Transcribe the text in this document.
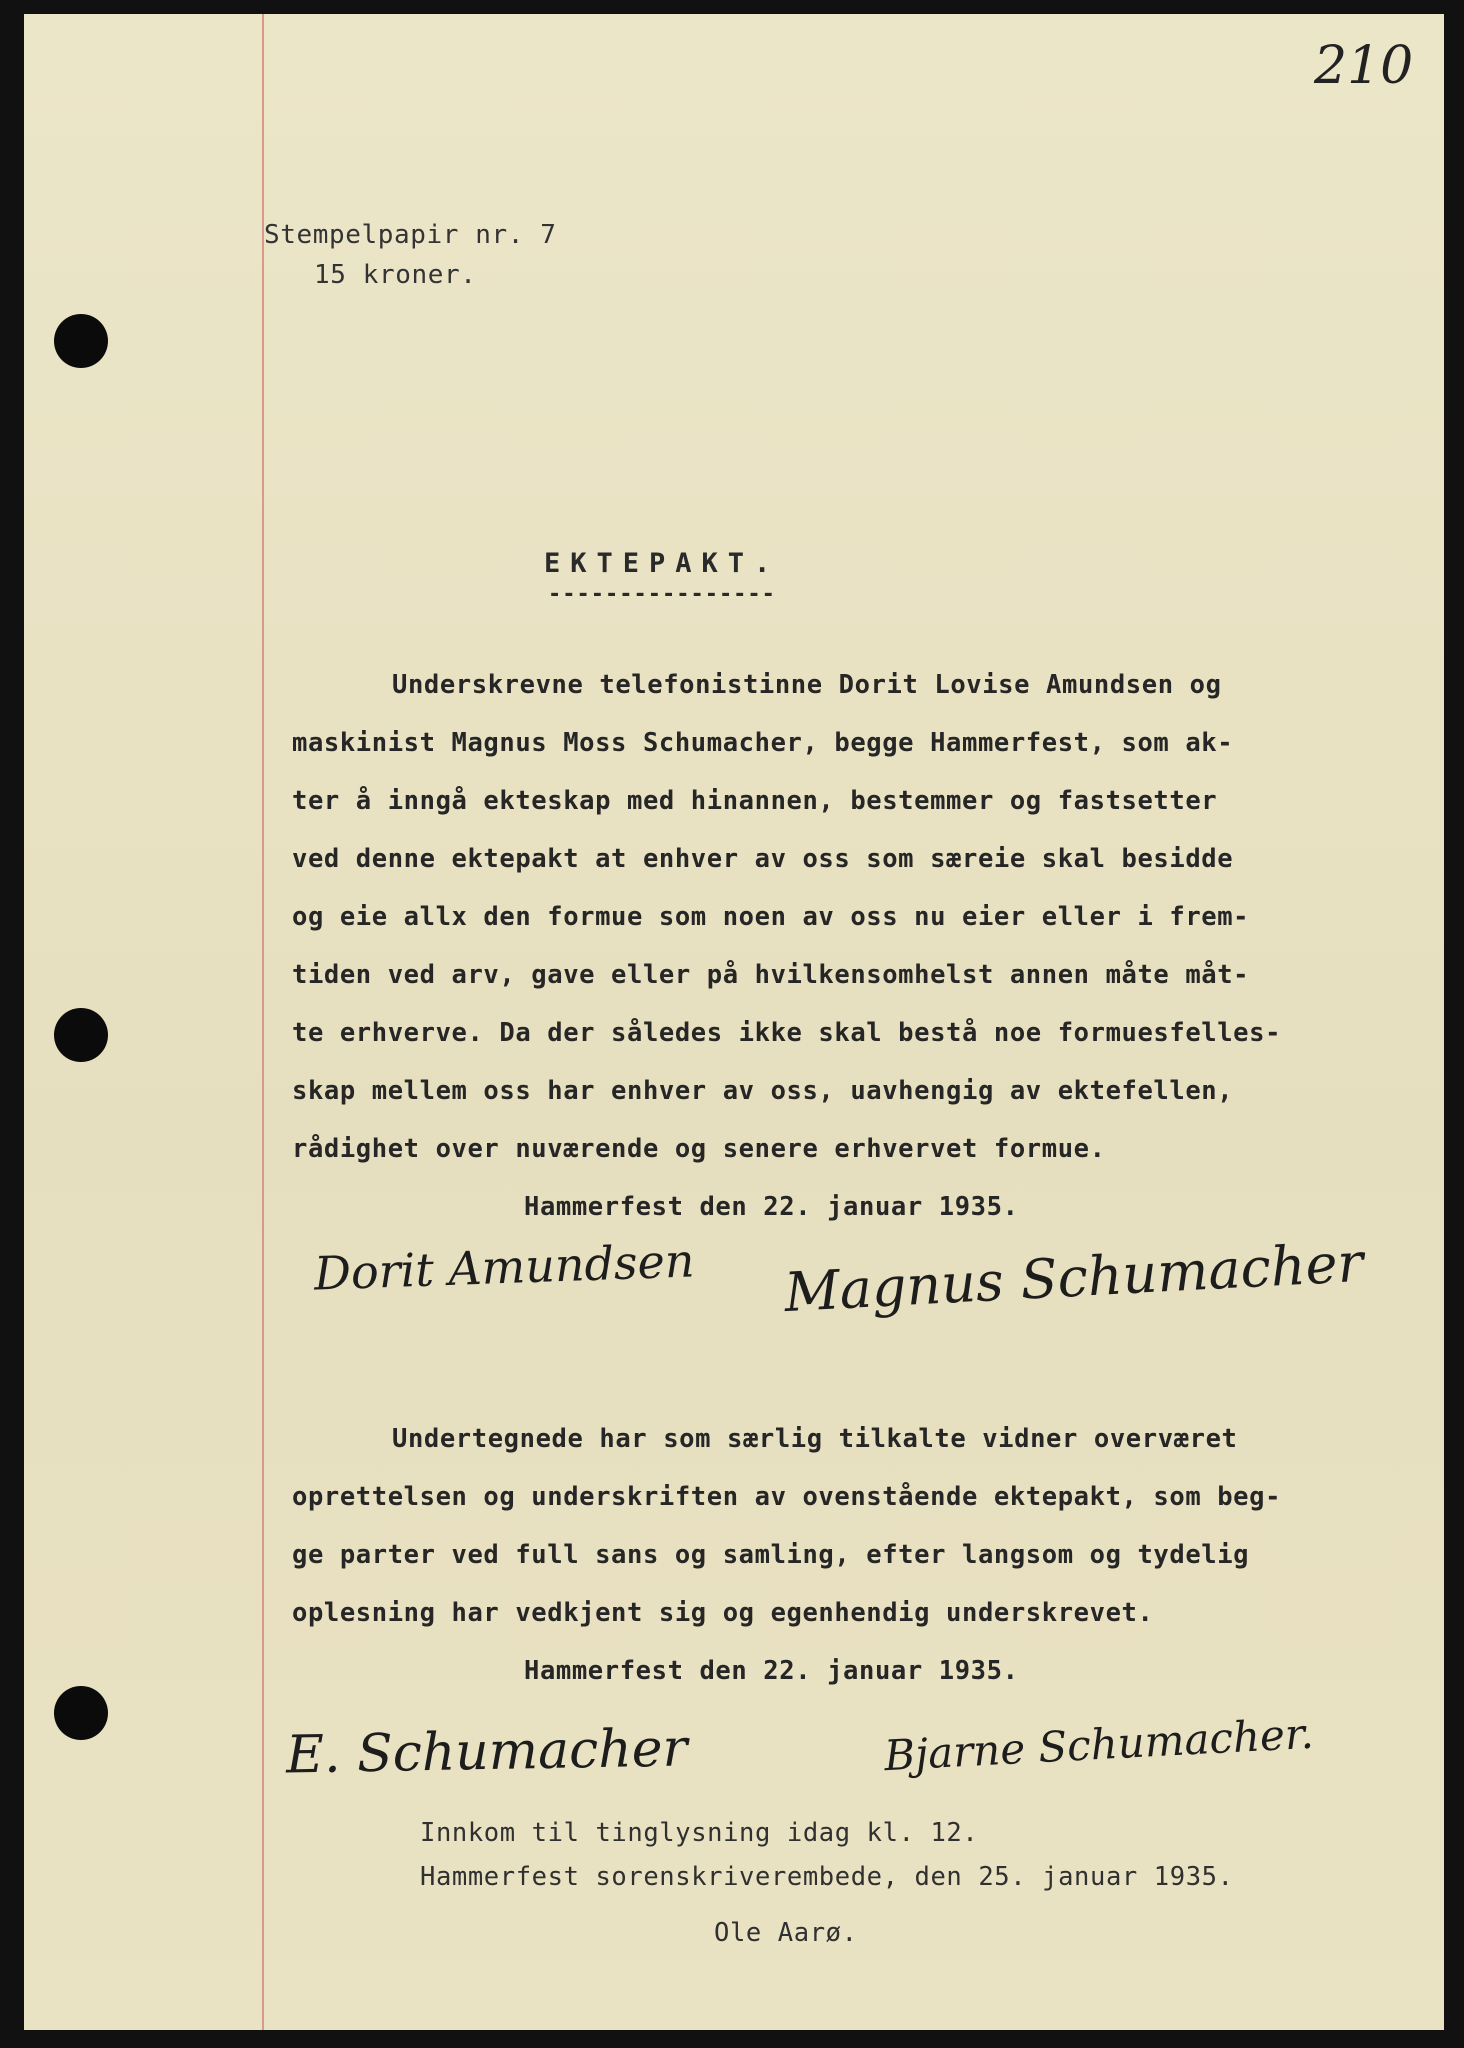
210
Stempelpapir nr. 7
15 kroner.
EKTEPAKT.
----------------
Underskrevne telefonistinne Dorit Lovise Amundsen og
maskinist Magnus Moss Schumacher, begge Hammerfest, som ak-
ter å inngå ekteskap med hinannen, bestemmer og fastsetter
ved denne ektepakt at enhver av oss som særeie skal besidde
og eie allx den formue som noen av oss nu eier eller i frem-
tiden ved arv, gave eller på hvilkensomhelst annen måte måt-
te erhverve. Da der således ikke skal bestå noe formuesfelles-
skap mellem oss har enhver av oss, uavhengig av ektefellen,
rådighet over nuværende og senere erhvervet formue.
Hammerfest den 22. januar 1935.
Dorit Amundsen Magnus Schumacher
Undertegnede har som særlig tilkalte vidner overværet
oprettelsen og underskriften av ovenstående ektepakt, som beg-
ge parter ved full sans og samling, efter langsom og tydelig
oplesning har vedkjent sig og egenhendig underskrevet.
Hammerfest den 22. januar 1935.
E. Schumacher	Bjarne Schumacher.
Innkom til tinglysning idag kl. 12.
Hammerfest sorenskriverembede, den 25. januar 1935.
Ole Aarø.
